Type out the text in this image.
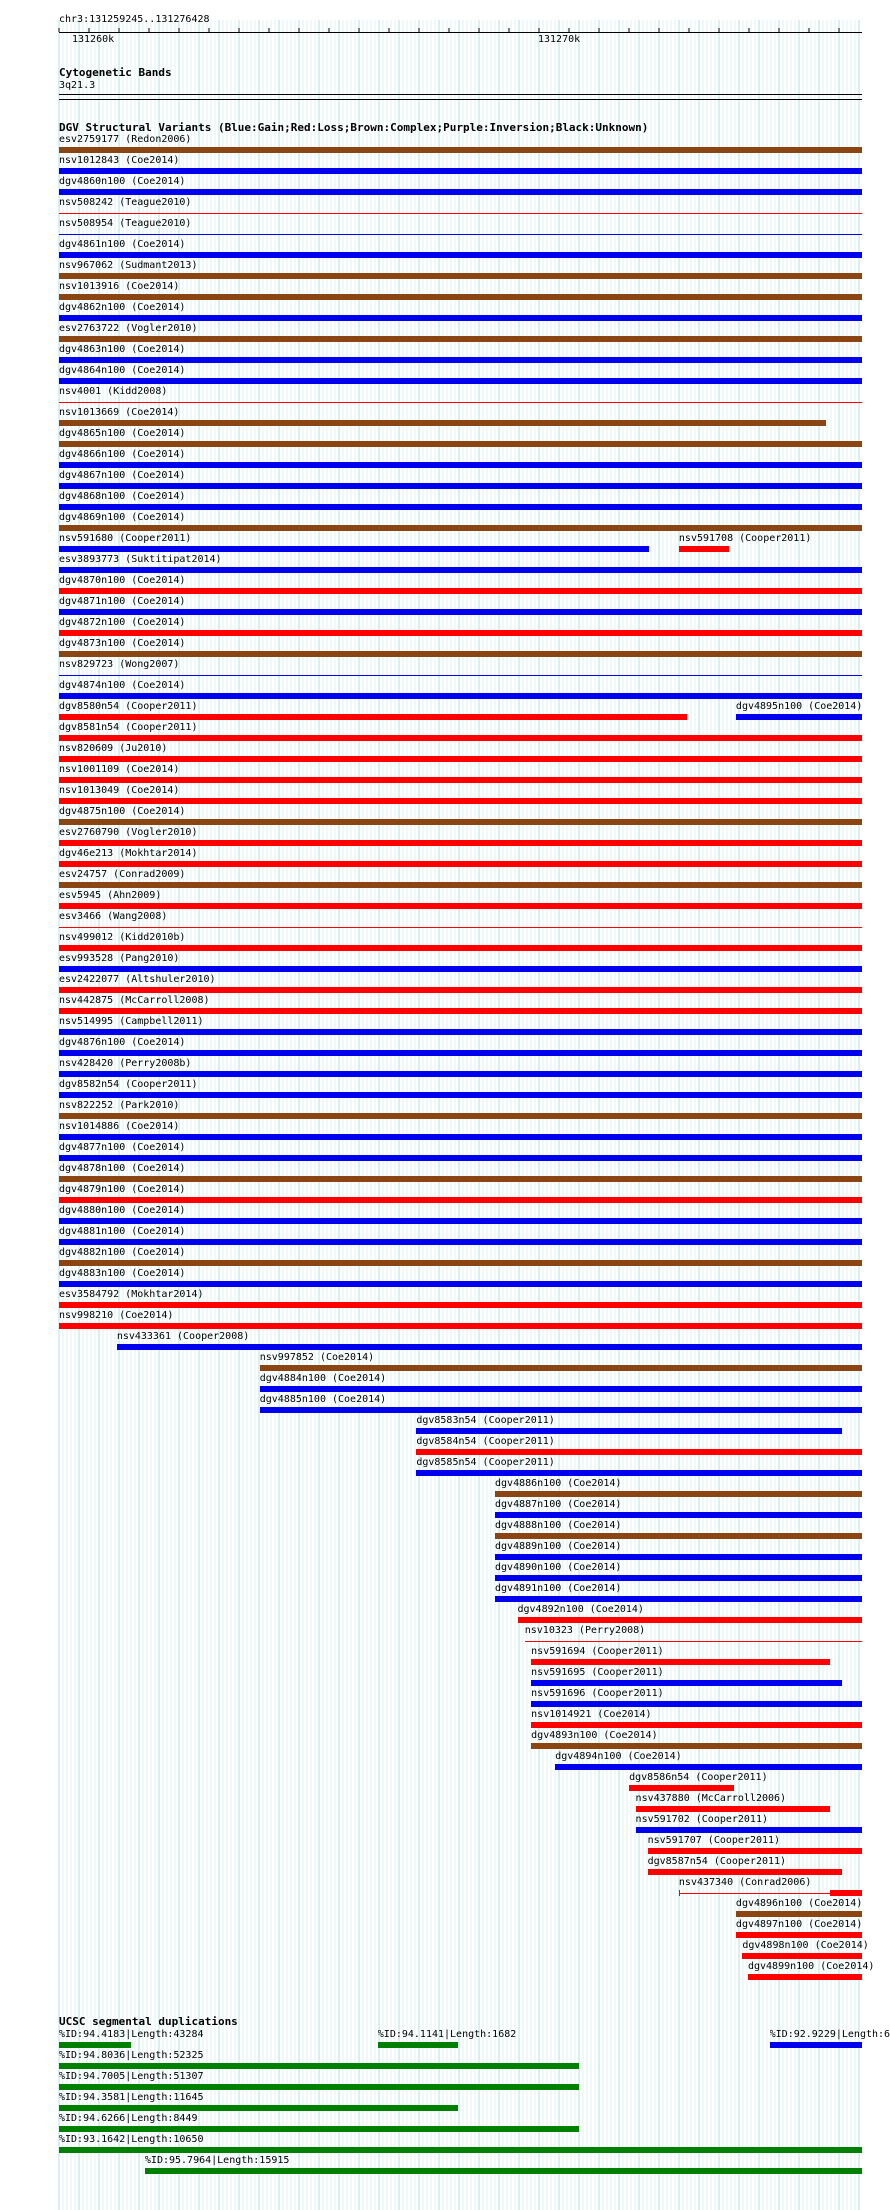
chr3:131259245..131276428
131260k	131270k
Cytogenetic Bands
3q21.3
DGV Structural Variants (Blue:Gain;Red:Loss;Brown:Complex;Purple:Inversion;Black:Unknown)
esv2759177 (Redon2006)
nsv1012843 (Coe2014)
dgv4860n100 (Coe2014)
nsv508242 (Teague2010)
nsv508954 (Teague2010)
dgv4861n100 (Coe2014)
nsv967062 (Sudmant2013)
nsv1013916 (Coe2014)
dgv4862n100 (Coe2014)
esv2763722 (Vogler2010)
dgv4863n100 (Coe2014)
dgv4864n100 (Coe2014)
nsv4001 (Kidd2008)
nsv1013669 (Coe2014)
dgv4865n100 (Coe2014)
dgv4866n100 (Coe2014)
dgv4867n100 (Coe2014)
dgv4868n100 (Coe2014)
dgv4869n100 (Coe2014)
nsv591680 (Cooper2011)	nsv591708 (Cooper2011)
esv3893773 (Suktitipat2014)
dgv4870n100 (Coe2014)
dgv4871n100 (Coe2014)
dgv4872n100 (Coe2014)
dgv4873n100 (Coe2014)
nsv829723 (Wong2007)
dgv4874n100 (Coe2014)
dgv8580n54 (Cooper2011)	dgv4895n100 (Coe2014)
dgv8581n54 (Cooper2011)
nsv820609 (Ju2010)
nsv1001109 (Coe2014)
nsv1013049 (Coe2014)
dgv4875n100 (Coe2014)
esv2760790 (Vogler2010)
dgv46e213 (Mokhtar2014)
esv24757 (Conrad2009)
esv5945 (Ahn2009)
esv3466 (Wang2008)
nsv499012 (Kidd2010b)
esv993528 (Pang2010)
esv2422077 (Altshuler2010)
nsv442875 (McCarroll2008)
nsv514995 (Campbell2011)
dgv4876n100 (Coe2014)
nsv428420 (Perry2008b)
dgv8582n54 (Cooper2011)
nsv822252 (Park2010)
nsv1014886 (Coe2014)
dgv4877n100 (Coe2014)
dgv4878n100 (Coe2014)
dgv4879n100 (Coe2014)
dgv4880n100 (Coe2014)
dgv4881n100 (Coe2014)
dgv4882n100 (Coe2014)
dgv4883n100 (Coe2014)
esv3584792 (Mokhtar2014)
nsv998210 (Coe2014)
nsv433361 (Cooper2008)
nsv997852 (Coe2014)
dgv4884n100 (Coe2014)
dgv4885n100 (Coe2014)
dgv8583n54 (Cooper2011)
dgv8584n54 (Cooper2011)
dgv8585n54 (Cooper2011)
dgv4886n100 (Coe2014)
dgv4887n100 (Coe2014)
dgv4888n100 (Coe2014)
dgv4889n100 (Coe2014)
dgv4890n100 (Coe2014)
dgv4891n100 (Coe2014)
dgv4892n100 (Coe2014)
nsv10323 (Perry2008)
nsv591694 (Cooper2011)
nsv591695 (Cooper2011)
nsv591696 (Cooper2011)
nsv1014921 (Coe2014)
dgv4893n100 (Coe2014)
dgv4894n100 (Coe2014)
dgv8586n54 (Cooper2011)
nsv437880 (McCarroll2006)
nsv591702 (Cooper2011)
nsv591707 (Cooper2011)
dgv8587n54 (Cooper2011)
nsv437340 (Conrad2006)
dgv4896n100 (Coe2014)
dgv4897n100 (Coe2014)
dgv4898n100 (Coe2014)
dgv4899n100 (Coe2014)
UCSC segmental duplications
%ID:94.4183|Length:43284	%ID:94.1141|Length:1682	%ID:92.9229|Length:6
%ID:94.8036|Length:52325
%ID:94.7005|Length:51307
%ID:94.3581|Length:11645
%ID:94.6266|Length:8449
%ID:93.1642|Length:10650
%ID:95.7964|Length:15915
